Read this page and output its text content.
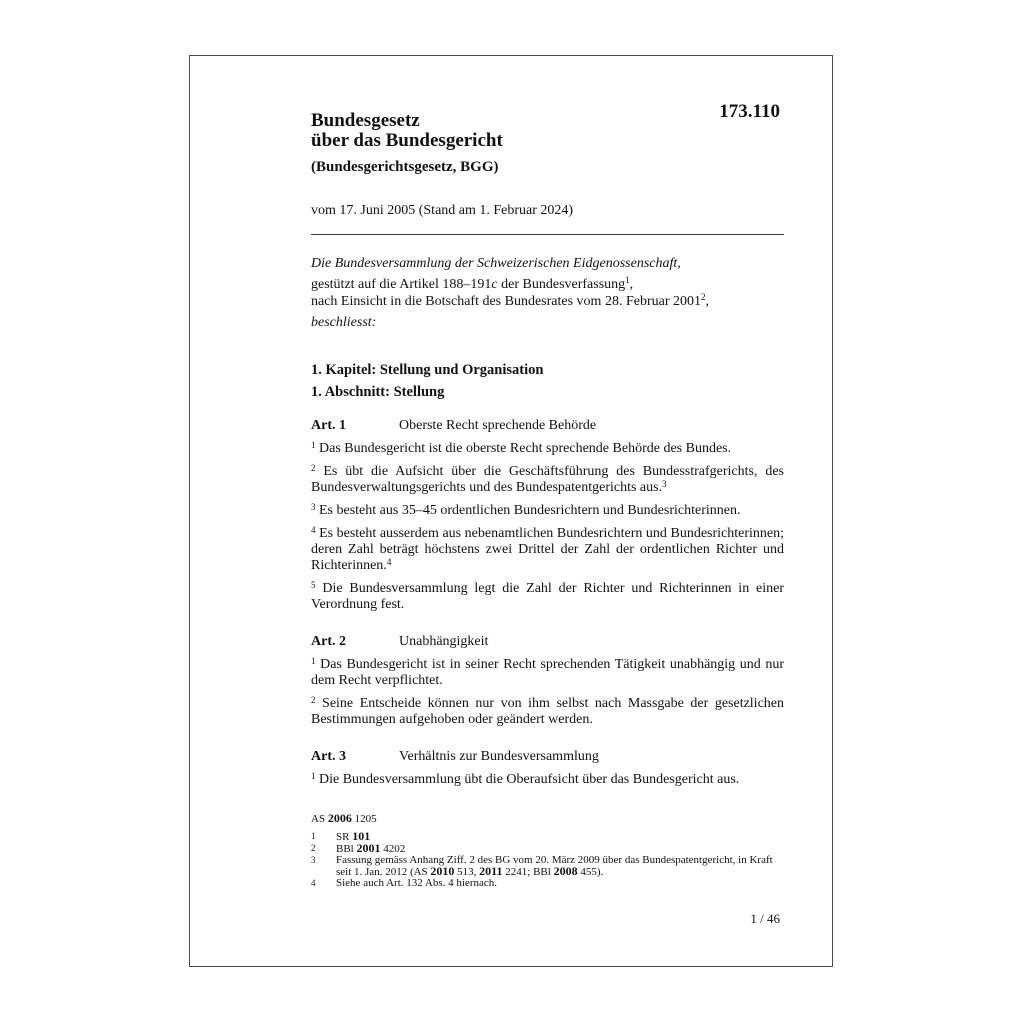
173.110
Bundesgesetz
über das Bundesgericht
(Bundesgerichtsgesetz, BGG)
vom 17. Juni 2005 (Stand am 1. Februar 2024)
Die Bundesversammlung der Schweizerischen Eidgenossenschaft,
gestützt auf die Artikel 188–191c der Bundesverfassung$^1$,
nach Einsicht in die Botschaft des Bundesrates vom 28. Februar 2001$^2$,
beschliesst:
1. Kapitel: Stellung und Organisation
1. Abschnitt: Stellung
Art. 1	Oberste Recht sprechende Behörde
$^1$ Das Bundesgericht ist die oberste Recht sprechende Behörde des Bundes.
$^2$ Es übt die Aufsicht über die Geschäftsführung des Bundesstrafgerichts, des Bundesverwaltungsgerichts und des Bundespatentgerichts aus.$^3$
$^3$ Es besteht aus 35–45 ordentlichen Bundesrichtern und Bundesrichterinnen.
$^4$ Es besteht ausserdem aus nebenamtlichen Bundesrichtern und Bundesrichterinnen; deren Zahl beträgt höchstens zwei Drittel der Zahl der ordentlichen Richter und Richterinnen.$^4$
$^5$ Die Bundesversammlung legt die Zahl der Richter und Richterinnen in einer Verordnung fest.
Art. 2	Unabhängigkeit
$^1$ Das Bundesgericht ist in seiner Recht sprechenden Tätigkeit unabhängig und nur dem Recht verpflichtet.
$^2$ Seine Entscheide können nur von ihm selbst nach Massgabe der gesetzlichen Bestimmungen aufgehoben oder geändert werden.
Art. 3	Verhältnis zur Bundesversammlung
$^1$ Die Bundesversammlung übt die Oberaufsicht über das Bundesgericht aus.
AS 2006 1205
1	SR 101
2	BBl 2001 4202
3	Fassung gemäss Anhang Ziff. 2 des BG vom 20. März 2009 über das Bundespatentgericht, in Kraft seit 1. Jan. 2012 (AS 2010 513, 2011 2241; BBl 2008 455).
4	Siehe auch Art. 132 Abs. 4 hiernach.
1 / 46
